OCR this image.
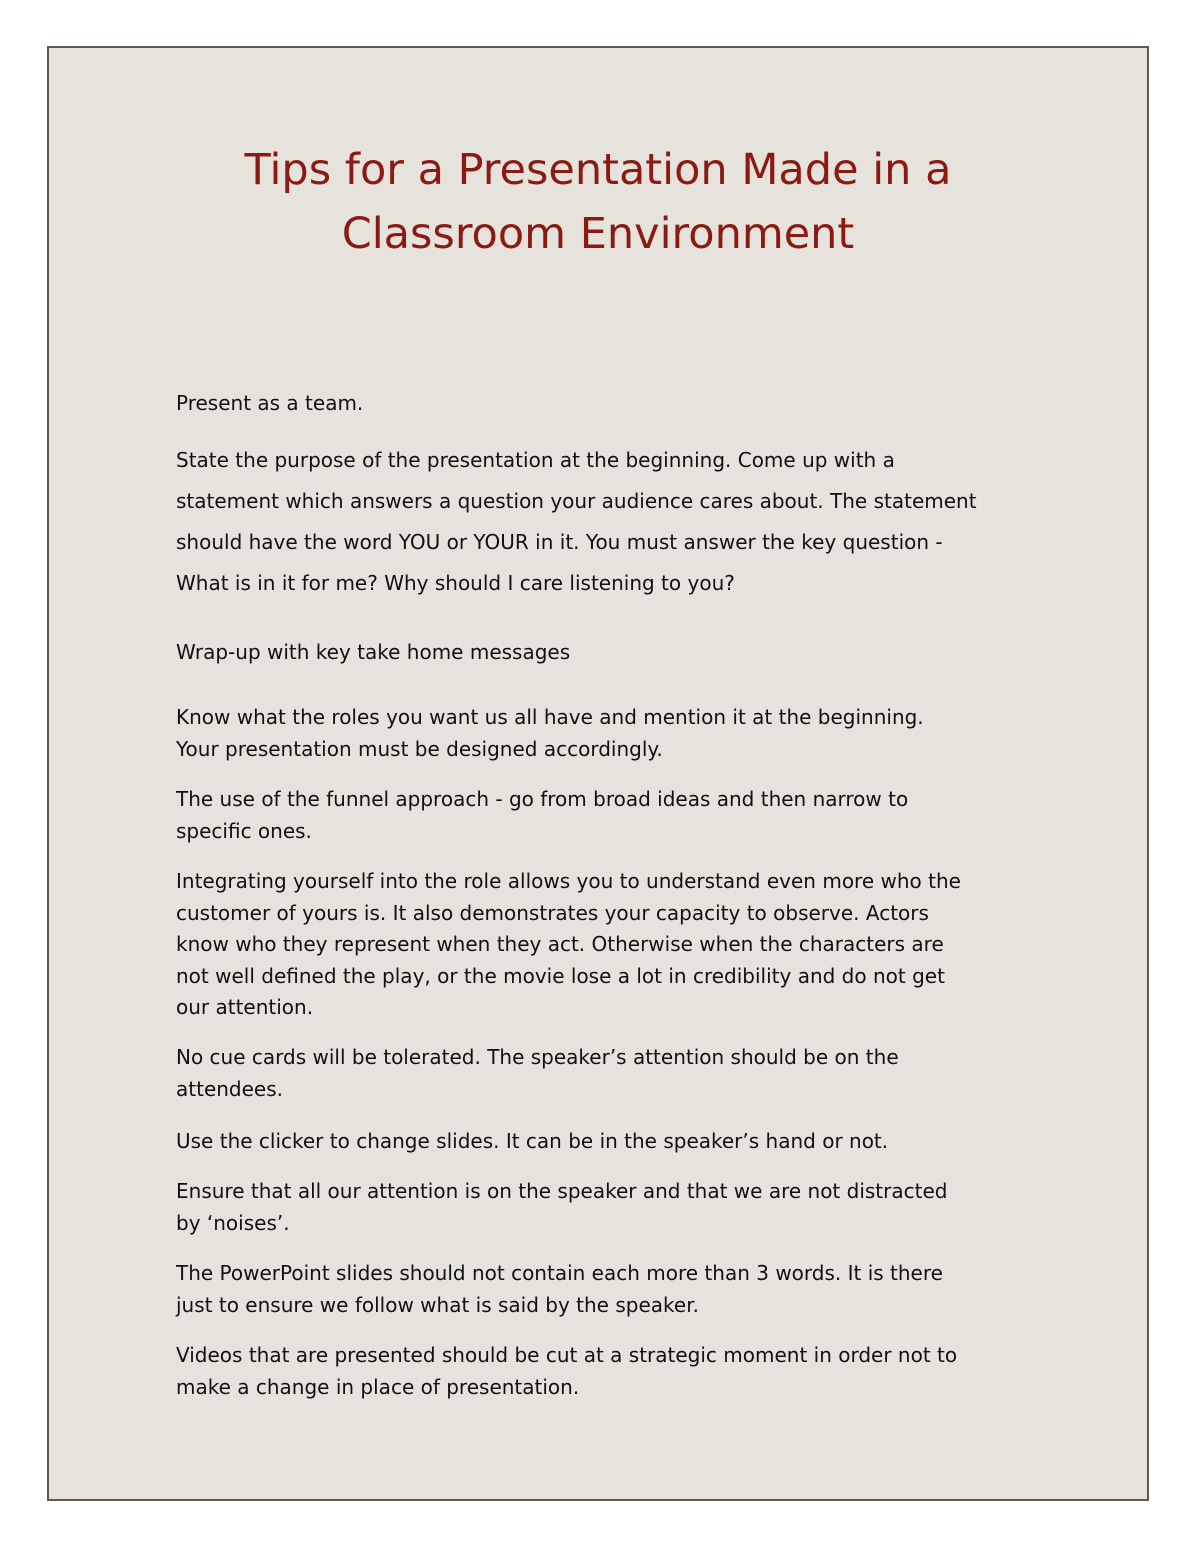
Tips for a Presentation Made in a
Classroom Environment

Present as a team.

State the purpose of the presentation at the beginning. Come up with a
statement which answers a question your audience cares about. The statement
should have the word YOU or YOUR in it. You must answer the key question -
What is in it for me? Why should I care listening to you?

Wrap-up with key take home messages

Know what the roles you want us all have and mention it at the beginning.
Your presentation must be designed accordingly.

The use of the funnel approach - go from broad ideas and then narrow to
specific ones.

Integrating yourself into the role allows you to understand even more who the
customer of yours is. It also demonstrates your capacity to observe. Actors
know who they represent when they act. Otherwise when the characters are
not well defined the play, or the movie lose a lot in credibility and do not get
our attention.

No cue cards will be tolerated. The speaker’s attention should be on the
attendees.

Use the clicker to change slides. It can be in the speaker’s hand or not.

Ensure that all our attention is on the speaker and that we are not distracted
by ‘noises’.

The PowerPoint slides should not contain each more than 3 words. It is there
just to ensure we follow what is said by the speaker.

Videos that are presented should be cut at a strategic moment in order not to
make a change in place of presentation.
